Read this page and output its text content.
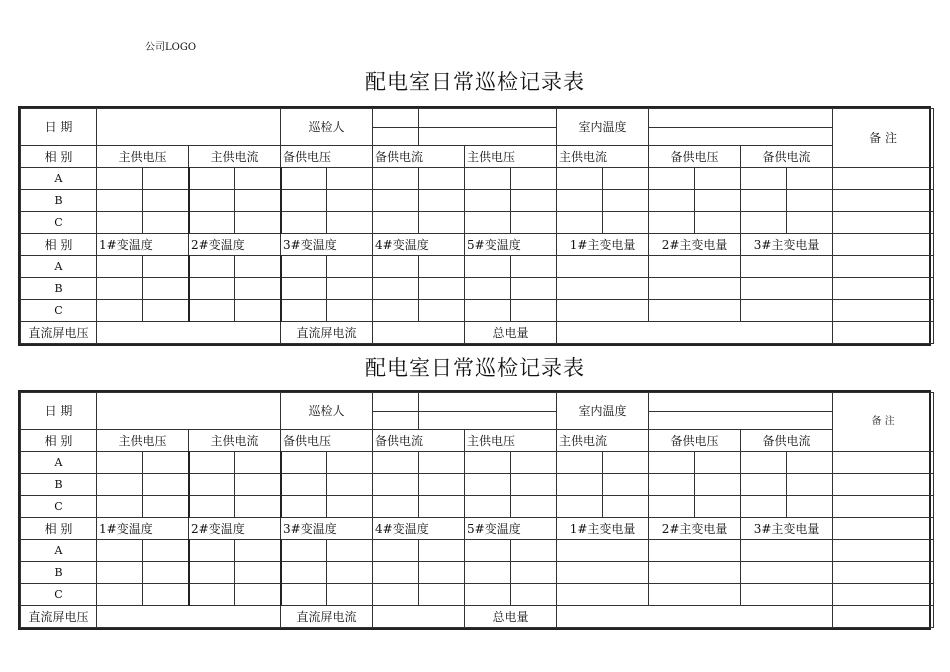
公司LOGO
配电室日常巡检记录表
日 期					巡检人						室内温度						备 注
相 别	主供电压		主供电流		备供电压		备供电流		主供电压		主供电流		备供电压		备供电流		
A																	
B																	
C																	
相 别	1#变温度		2#变温度		3#变温度		4#变温度		5#变温度		1#主变电量		2#主变电量		3#主变电量		
A																	
B																	
C																	
直流屏电压					直流屏电流				总电量								
配电室日常巡检记录表
日 期					巡检人						室内温度						备 注
相 别	主供电压		主供电流		备供电压		备供电流		主供电压		主供电流		备供电压		备供电流		
A																	
B																	
C																	
相 别	1#变温度		2#变温度		3#变温度		4#变温度		5#变温度		1#主变电量		2#主变电量		3#主变电量		
A																	
B																	
C																	
直流屏电压					直流屏电流				总电量								
